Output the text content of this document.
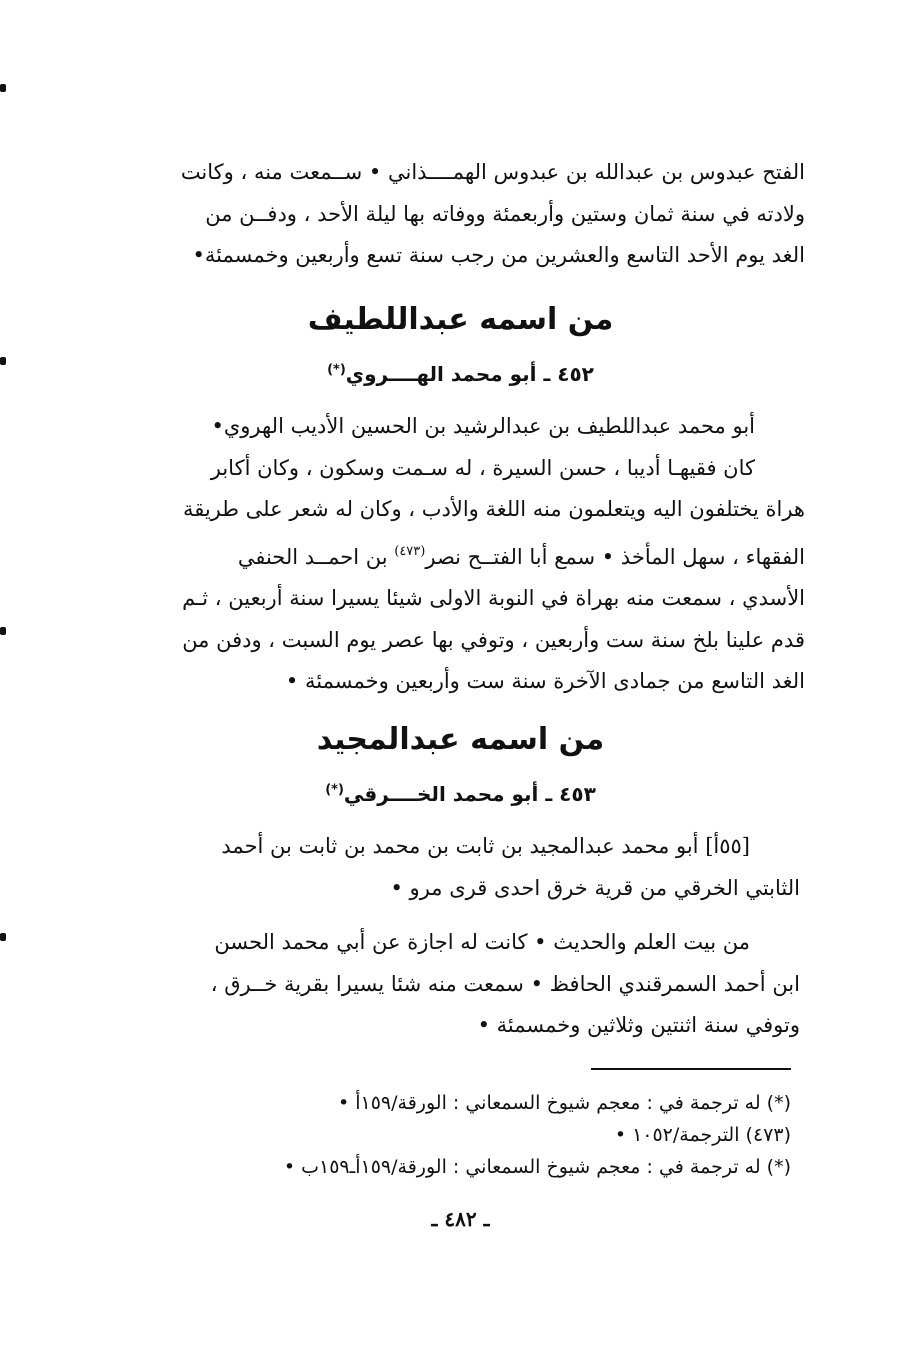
الفتح عبدوس بن عبدالله بن عبدوس الهمــــذاني • ســمعت منه ، وكانت
ولادته في سنة ثمان وستين وأربعمئة ووفاته بها ليلة الأحد ، ودفــن من
الغد يوم الأحد التاسع والعشرين من رجب سنة تسع وأربعين وخمسمئة•
من اسمه عبداللطيف
٤٥٢ ـ أبو محمد الهــــروي(*)
أبو محمد عبداللطيف بن عبدالرشيد بن الحسين الأديب الهروي•
كان فقيهـا أديبا ، حسن السيرة ، له سـمت وسكون ، وكان أكابر
هراة يختلفون اليه ويتعلمون منه اللغة والأدب ، وكان له شعر على طريقة
الفقهاء ، سهل المأخذ • سمع أبا الفتــح نصر$^{(٤٧٣)}$ بن احمــد الحنفي
الأسدي ، سمعت منه بهراة في النوبة الاولى شيئا يسيرا سنة أربعين ، ثـم
قدم علينا بلخ سنة ست وأربعين ، وتوفي بها عصر يوم السبت ، ودفن من
الغد التاسع من جمادى الآخرة سنة ست وأربعين وخمسمئة •
من اسمه عبدالمجيد
٤٥٣ ـ أبو محمد الخــــرقي(*)
[٥٥أ] أبو محمد عبدالمجيد بن ثابت بن محمد بن ثابت بن أحمد
الثابتي الخرقي من قرية خرق احدى قرى مرو •
من بيت العلم والحديث • كانت له اجازة عن أبي محمد الحسن
ابن أحمد السمرقندي الحافظ • سمعت منه شئا يسيرا بقرية خــرق ،
وتوفي سنة اثنتين وثلاثين وخمسمئة •
(*) له ترجمة في : معجم شيوخ السمعاني : الورقة/١٥٩أ •
(٤٧٣) الترجمة/١٠٥٢ •
(*) له ترجمة في : معجم شيوخ السمعاني : الورقة/١٥٩أـ١٥٩ب •
ـ ٤٨٢ ـ
